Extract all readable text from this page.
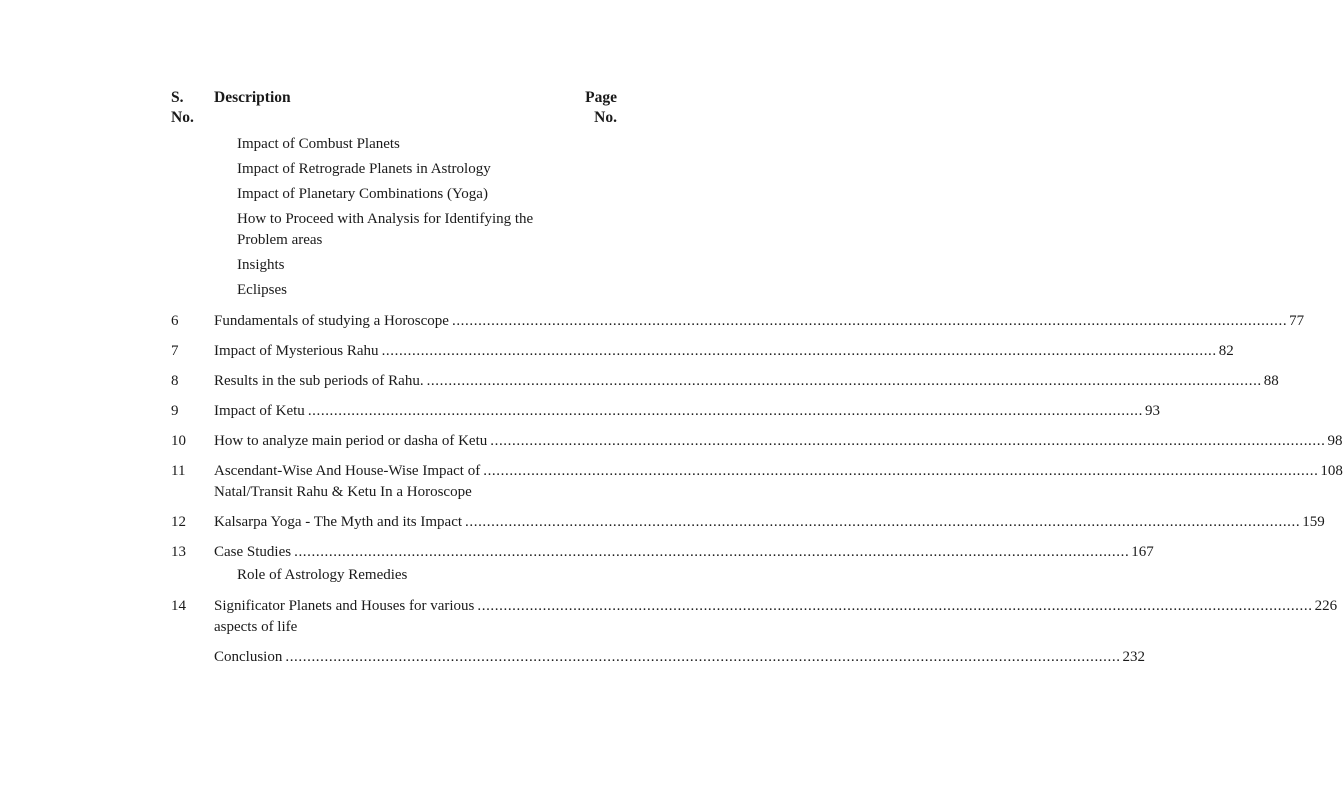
S.
No.
Description	Page
No.
Impact of Combust Planets
Impact of Retrograde Planets in Astrology
Impact of Planetary Combinations (Yoga)
How to Proceed with Analysis for Identifying the
Problem areas
Insights
Eclipses
6	Fundamentals of studying a Horoscope .....	77
7	Impact of Mysterious Rahu .....	82
8	Results in the sub periods of Rahu. .....	88
9	Impact of Ketu .....	93
10	How to analyze main period or dasha of Ketu .....	98
11	Ascendant-Wise And House-Wise Impact of .....	108
Natal/Transit Rahu & Ketu In a Horoscope
12	Kalsarpa Yoga - The Myth and its Impact .....	159
13	Case Studies .....	167
Role of Astrology Remedies
14	Significator Planets and Houses for various .....	226
aspects of life
Conclusion .....	232
